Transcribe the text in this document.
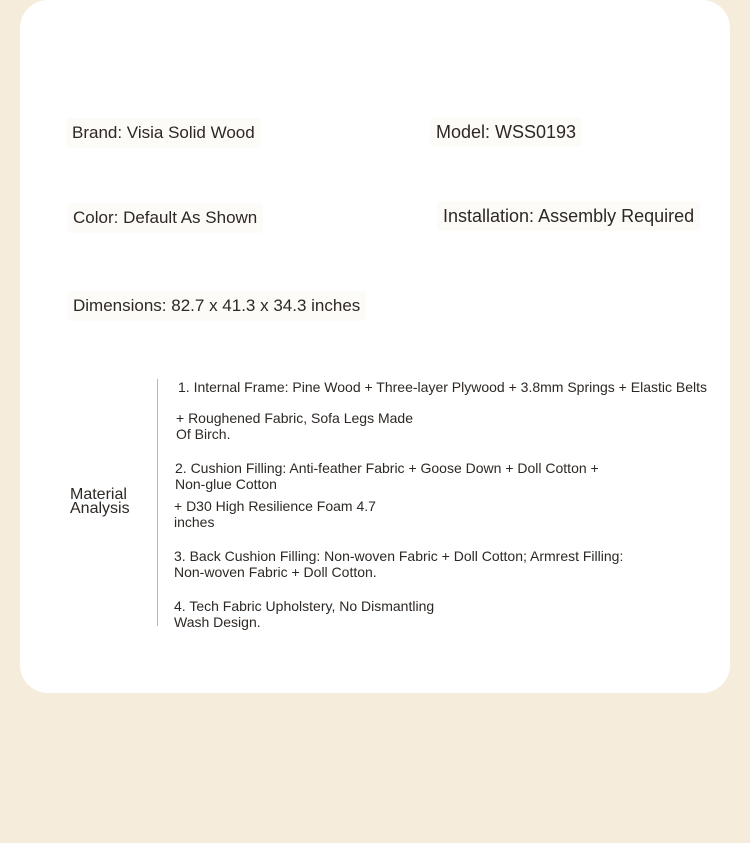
Brand: Visia Solid Wood	Model: WSS0193
Color: Default As Shown	Installation: Assembly Required
Dimensions: 82.7 x 41.3 x 34.3 inches
Material
Analysis
1. Internal Frame: Pine Wood + Three-layer Plywood + 3.8mm Springs + Elastic Belts
+ Roughened Fabric, Sofa Legs Made
Of Birch.
2. Cushion Filling: Anti-feather Fabric + Goose Down + Doll Cotton +
Non-glue Cotton
+ D30 High Resilience Foam 4.7
inches
3. Back Cushion Filling: Non-woven Fabric + Doll Cotton; Armrest Filling:
Non-woven Fabric + Doll Cotton.
4. Tech Fabric Upholstery, No Dismantling
Wash Design.
